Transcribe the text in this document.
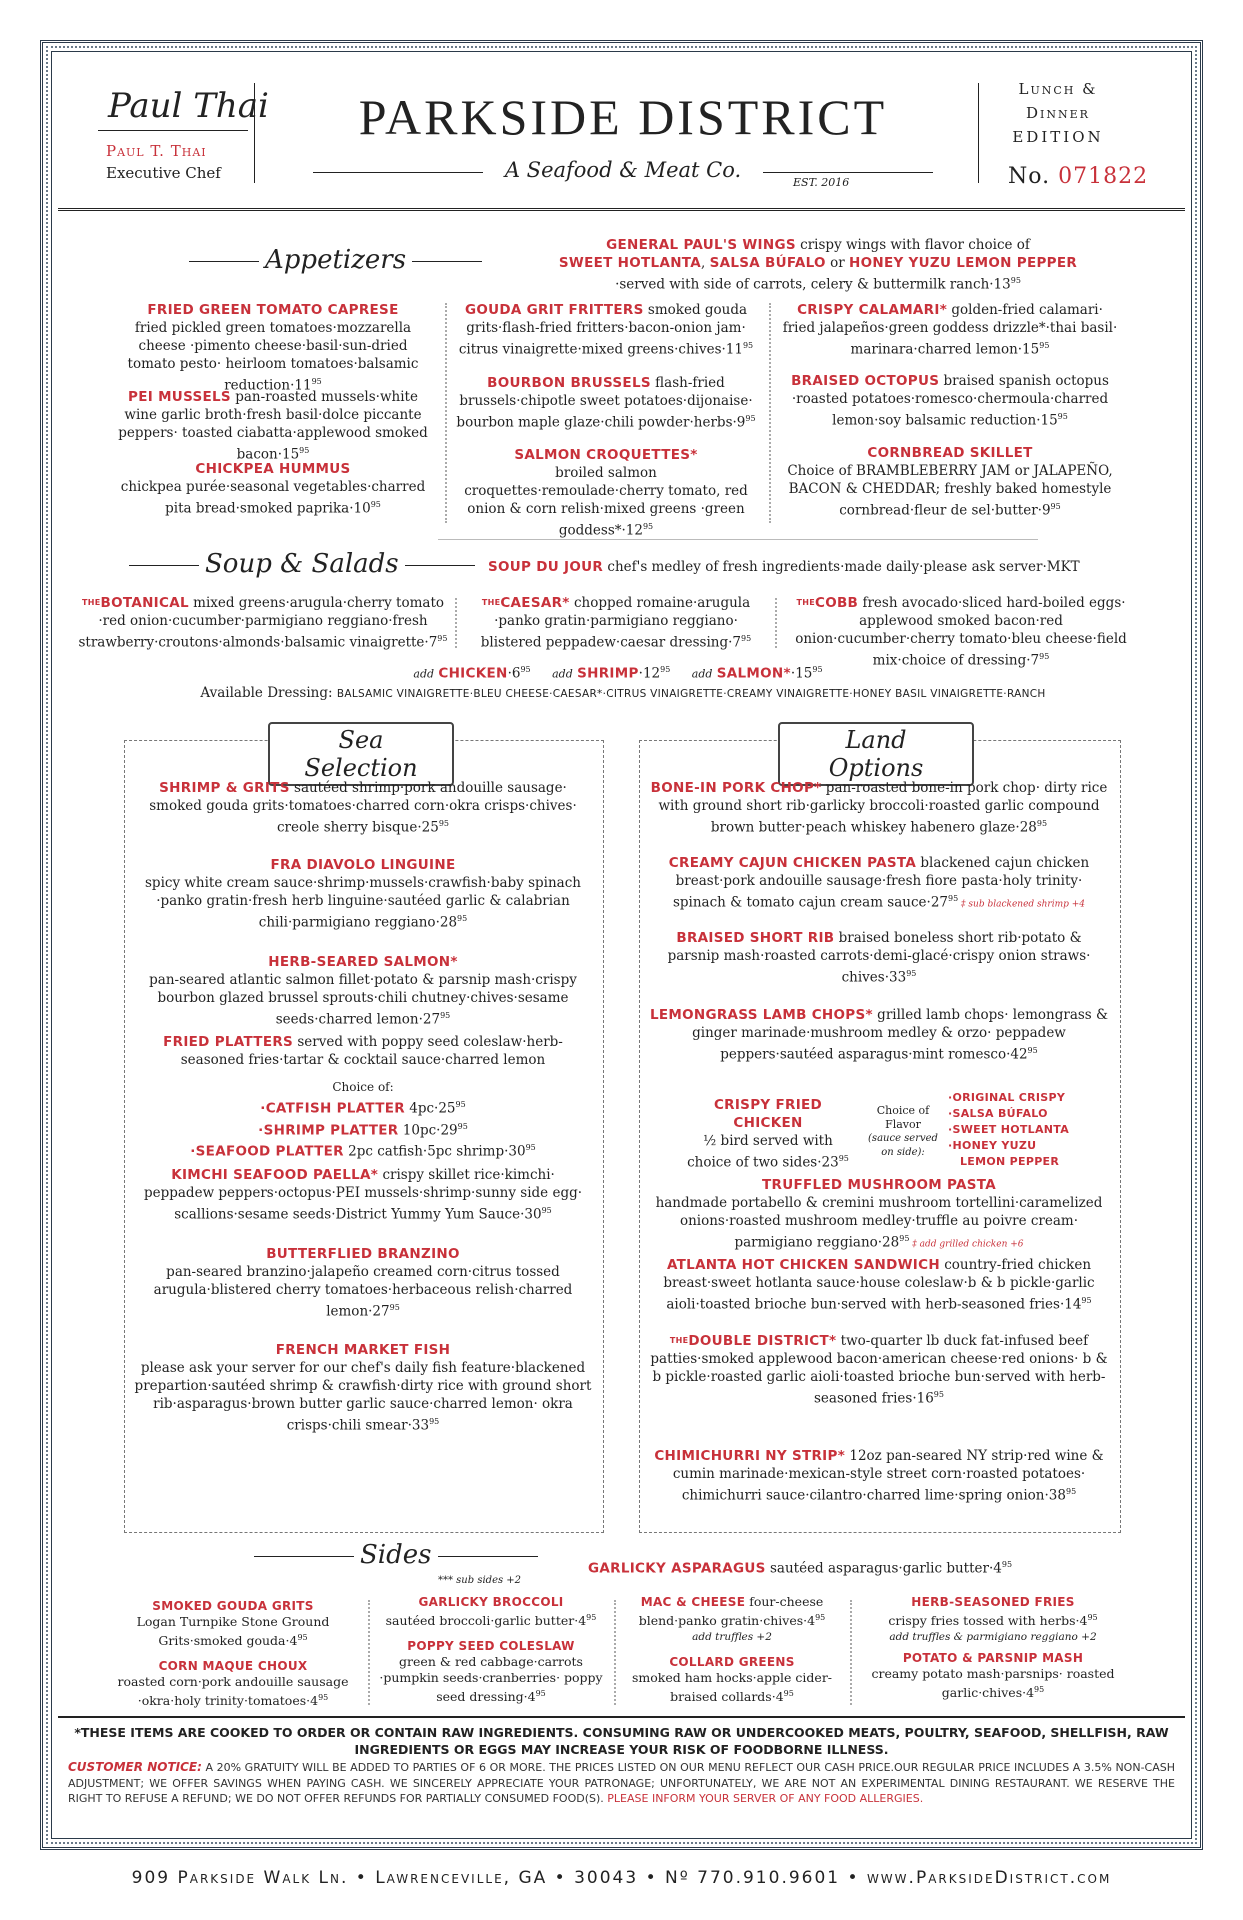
Paul Thai
Paul T. Thai
Executive Chef
PARKSIDE DISTRICT
A Seafood & Meat Co.
EST. 2016
Lunch &
Dinner
EDITION
No. 071822
Appetizers	GENERAL PAUL'S WINGS crispy wings with flavor choice of
SWEET HOTLANTA, SALSA BÚFALO or HONEY YUZU LEMON PEPPER
·served with side of carrots, celery & buttermilk $ranch\cdot 13^{95}$
FRIED GREEN TOMATO CAPRESE
fried pickled green tomatoes·mozzarella cheese ·pimento cheese·basil·sun-dried tomato pesto· heirloom tomatoes·balsamic $reduction\cdot 11^{95}$
PEI MUSSELS pan-roasted mussels·white wine garlic broth·fresh basil·dolce piccante peppers· toasted ciabatta·applewood smoked $bacon\cdot 15^{95}$
CHICKPEA HUMMUS
chickpea purée·seasonal vegetables·charred pita bread·smoked $paprika\cdot 10^{95}$
GOUDA GRIT FRITTERS smoked gouda grits·flash-fried fritters·bacon-onion jam· citrus vinaigrette·mixed $greens\cdot chives\cdot 11^{95}$
BOURBON BRUSSELS flash-fried brussels·chipotle sweet potatoes·dijonaise· bourbon maple glaze·chili $powder\cdot herbs\cdot 9^{95}$
SALMON CROQUETTES*
broiled salmon croquettes·remoulade·cherry tomato, red onion & corn relish·mixed greens ·green $goddess*\cdot 12^{95}$
CRISPY CALAMARI* golden-fried calamari· fried jalapeños·green goddess drizzle*·thai basil· marinara·charred $lemon\cdot 15^{95}$
BRAISED OCTOPUS braised spanish octopus ·roasted potatoes·romesco·chermoula·charred lemon·soy balsamic $reduction\cdot 15^{95}$
CORNBREAD SKILLET
Choice of BRAMBLEBERRY JAM or JALAPEÑO, BACON & CHEDDAR; freshly baked homestyle cornbread·fleur de $sel\cdot butter\cdot 9^{95}$
Soup & Salads	SOUP DU JOUR chef's medley of fresh ingredients·made daily·please ask server·MKT
$^{THE}$BOTANICAL mixed greens·arugula·cherry tomato ·red onion·cucumber·parmigiano reggiano·fresh strawberry·croutons·almonds·balsamic $vinaigrette\cdot 7^{95}$
$^{THE}$CAESAR* chopped romaine·arugula ·panko gratin·parmigiano reggiano· blistered peppadew·caesar $dressing\cdot 7^{95}$
$^{THE}$COBB fresh avocado·sliced hard-boiled eggs· applewood smoked bacon·red onion·cucumber·cherry tomato·bleu cheese·field mix·choice of $dressing\cdot 7^{95}$
add $CHICKEN\cdot 6^{95}$ add $SHRIMP\cdot 12^{95}$ add $SALMON*\cdot 15^{95}$
Available Dressing: BALSAMIC VINAIGRETTE·BLEU CHEESE·CAESAR*·CITRUS VINAIGRETTE·CREAMY VINAIGRETTE·HONEY BASIL VINAIGRETTE·RANCH
Sea Selection
SHRIMP & GRITS sautéed shrimp·pork andouille sausage· smoked gouda grits·tomatoes·charred corn·okra crisps·chives· creole sherry $bisque\cdot 25^{95}$
FRA DIAVOLO LINGUINE
spicy white cream sauce·shrimp·mussels·crawfish·baby spinach ·panko gratin·fresh herb linguine·sautéed garlic & calabrian chili·parmigiano $reggiano\cdot 28^{95}$
HERB-SEARED SALMON*
pan-seared atlantic salmon fillet·potato & parsnip mash·crispy bourbon glazed brussel sprouts·chili chutney·chives·sesame seeds·charred $lemon\cdot 27^{95}$
FRIED PLATTERS served with poppy seed coleslaw·herb-seasoned fries·tartar & cocktail sauce·charred lemon
Choice of:
·CATFISH PLATTER $4pc\cdot 25^{95}$
·SHRIMP PLATTER $10pc\cdot 29^{95}$
·SEAFOOD PLATTER 2pc catfish·5pc $shrimp\cdot 30^{95}$
KIMCHI SEAFOOD PAELLA* crispy skillet rice·kimchi· peppadew peppers·octopus·PEI mussels·shrimp·sunny side egg· scallions·sesame seeds·District Yummy Yum $Sauce\cdot 30^{95}$
BUTTERFLIED BRANZINO
pan-seared branzino·jalapeño creamed corn·citrus tossed arugula·blistered cherry tomatoes·herbaceous relish·charred $lemon\cdot 27^{95}$
FRENCH MARKET FISH
please ask your server for our chef's daily fish feature·blackened prepartion·sautéed shrimp & crawfish·dirty rice with ground short rib·asparagus·brown butter garlic sauce·charred lemon· okra crisps·chili $smear\cdot 33^{95}$
Land Options
BONE-IN PORK CHOP* pan-roasted bone-in pork chop· dirty rice with ground short rib·garlicky broccoli·roasted garlic compound brown butter·peach whiskey habenero $glaze\cdot 28^{95}$
CREAMY CAJUN CHICKEN PASTA blackened cajun chicken breast·pork andouille sausage·fresh fiore pasta·holy trinity· spinach & tomato cajun cream $sauce\cdot 27^{95}$ ‡ sub blackened shrimp +4
BRAISED SHORT RIB braised boneless short rib·potato & parsnip mash·roasted carrots·demi-glacé·crispy onion straws· $chives\cdot 33^{95}$
LEMONGRASS LAMB CHOPS* grilled lamb chops· lemongrass & ginger marinade·mushroom medley & orzo· peppadew peppers·sautéed asparagus·mint $romesco\cdot 42^{95}$
CRISPY FRIED
CHICKEN
½ bird served with
choice of two $sides\cdot 23^{95}$
Choice of
Flavor
(sauce served
on side):
·ORIGINAL CRISPY
·SALSA BÚFALO
·SWEET HOTLANTA
·HONEY YUZU
LEMON PEPPER
TRUFFLED MUSHROOM PASTA
handmade portabello & cremini mushroom tortellini·caramelized onions·roasted mushroom medley·truffle au poivre cream· parmigiano $reggiano\cdot 28^{95}$ ‡ add grilled chicken +6
ATLANTA HOT CHICKEN SANDWICH country-fried chicken breast·sweet hotlanta sauce·house coleslaw·b & b pickle·garlic aioli·toasted brioche bun·served with herb-seasoned $fries\cdot 14^{95}$
$^{THE}$DOUBLE DISTRICT* two-quarter lb duck fat-infused beef patties·smoked applewood bacon·american cheese·red onions· b & b pickle·roasted garlic aioli·toasted brioche bun·served with herb-seasoned $fries\cdot 16^{95}$
CHIMICHURRI NY STRIP* 12oz pan-seared NY strip·red wine & cumin marinade·mexican-style street corn·roasted potatoes· chimichurri sauce·cilantro·charred lime·spring $onion\cdot 38^{95}$
Sides
*** sub sides +2
GARLICKY ASPARAGUS sautéed asparagus·garlic $butter\cdot 4^{95}$
SMOKED GOUDA GRITS
Logan Turnpike Stone Ground Grits·smoked $gouda\cdot 4^{95}$
CORN MAQUE CHOUX
roasted corn·pork andouille sausage ·okra·holy $trinity\cdot tomatoes\cdot 4^{95}$
GARLICKY BROCCOLI
sautéed broccoli·garlic $butter\cdot 4^{95}$
POPPY SEED COLESLAW
green & red cabbage·carrots ·pumpkin seeds·cranberries· poppy seed $dressing\cdot 4^{95}$
MAC & CHEESE four-cheese blend·panko $gratin\cdot chives\cdot 4^{95}$
add truffles +2
COLLARD GREENS
smoked ham hocks·apple cider-braised $collards\cdot 4^{95}$
HERB-SEASONED FRIES
crispy fries tossed with $herbs\cdot 4^{95}$
add truffles & parmigiano reggiano +2
POTATO & PARSNIP MASH
creamy potato mash·parsnips· roasted $garlic\cdot chives\cdot 4^{95}$
*THESE ITEMS ARE COOKED TO ORDER OR CONTAIN RAW INGREDIENTS. CONSUMING RAW OR UNDERCOOKED MEATS, POULTRY, SEAFOOD, SHELLFISH, RAW INGREDIENTS OR EGGS MAY INCREASE YOUR RISK OF FOODBORNE ILLNESS.
CUSTOMER NOTICE: A 20% GRATUITY WILL BE ADDED TO PARTIES OF 6 OR MORE. THE PRICES LISTED ON OUR MENU REFLECT OUR CASH PRICE.OUR REGULAR PRICE INCLUDES A 3.5% NON-CASH ADJUSTMENT; WE OFFER SAVINGS WHEN PAYING CASH. WE SINCERELY APPRECIATE YOUR PATRONAGE; UNFORTUNATELY, WE ARE NOT AN EXPERIMENTAL DINING RESTAURANT. WE RESERVE THE RIGHT TO REFUSE A REFUND; WE DO NOT OFFER REFUNDS FOR PARTIALLY CONSUMED FOOD(S). PLEASE INFORM YOUR SERVER OF ANY FOOD ALLERGIES.
909 Parkside Walk Ln. • Lawrenceville, GA • 30043 • Nº 770.910.9601 • www.ParksideDistrict.com
